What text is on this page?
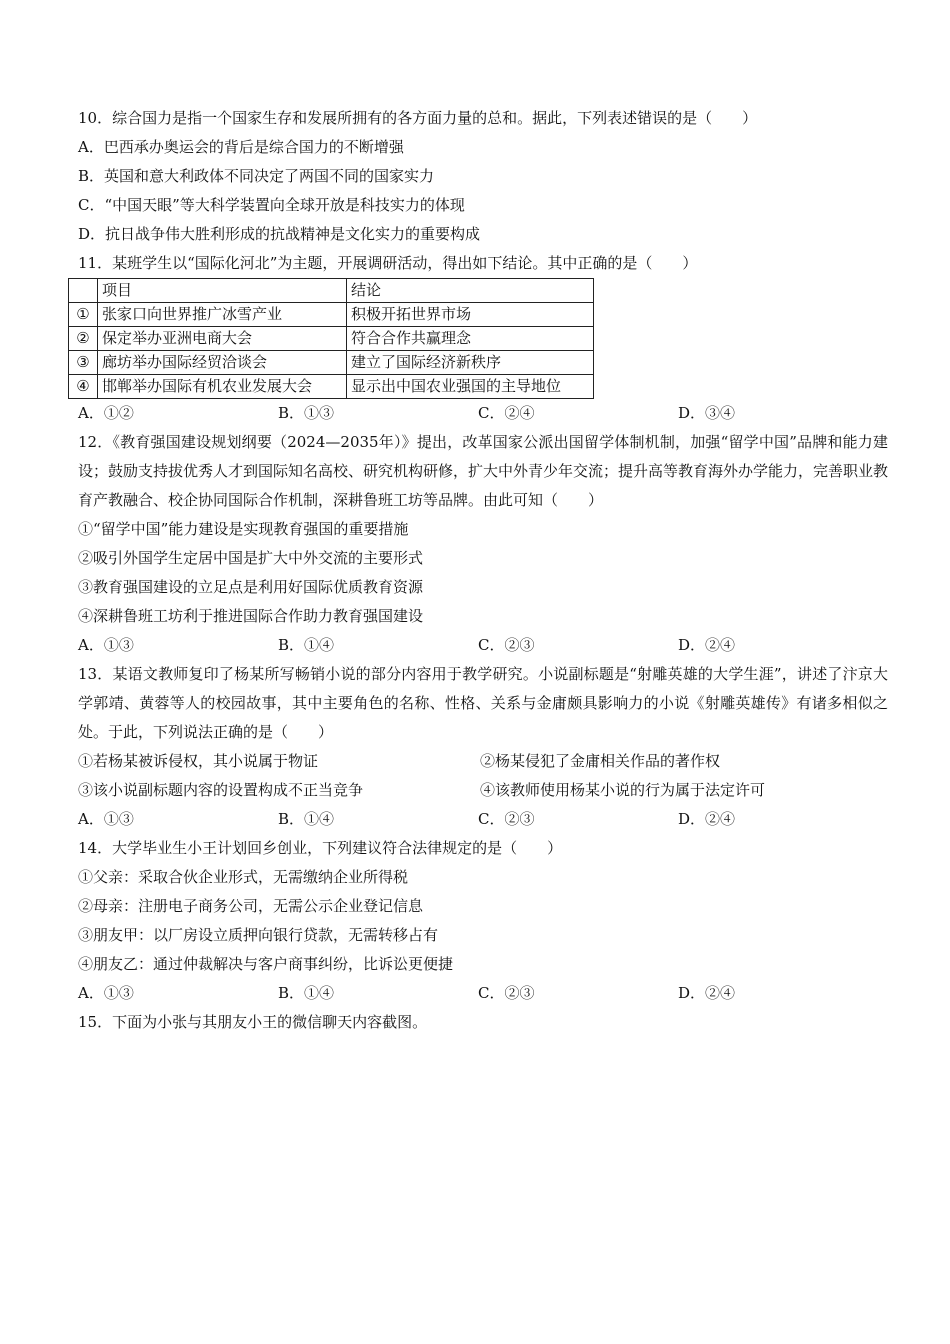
10．综合国力是指一个国家生存和发展所拥有的各方面力量的总和。据此，下列表述错误的是（　　）
A．巴西承办奥运会的背后是综合国力的不断增强
B．英国和意大利政体不同决定了两国不同的国家实力
C．“中国天眼”等大科学装置向全球开放是科技实力的体现
D．抗日战争伟大胜利形成的抗战精神是文化实力的重要构成
11．某班学生以“国际化河北”为主题，开展调研活动，得出如下结论。其中正确的是（　　）
	项目	结论
①	张家口向世界推广冰雪产业	积极开拓世界市场
②	保定举办亚洲电商大会	符合合作共赢理念
③	廊坊举办国际经贸洽谈会	建立了国际经济新秩序
④	邯郸举办国际有机农业发展大会	显示出中国农业强国的主导地位
A．①②	B．①③	C．②④	D．③④
12．《教育强国建设规划纲要（2024—2035年）》提出，改革国家公派出国留学体制机制，加强“留学中国”品牌和能力建设；鼓励支持拔优秀人才到国际知名高校、研究机构研修，扩大中外青少年交流；提升高等教育海外办学能力，完善职业教育产教融合、校企协同国际合作机制，深耕鲁班工坊等品牌。由此可知（　　）
①“留学中国”能力建设是实现教育强国的重要措施
②吸引外国学生定居中国是扩大中外交流的主要形式
③教育强国建设的立足点是利用好国际优质教育资源
④深耕鲁班工坊利于推进国际合作助力教育强国建设
A．①③	B．①④	C．②③	D．②④
13．某语文教师复印了杨某所写畅销小说的部分内容用于教学研究。小说副标题是“射雕英雄的大学生涯”，讲述了汴京大学郭靖、黄蓉等人的校园故事，其中主要角色的名称、性格、关系与金庸颇具影响力的小说《射雕英雄传》有诸多相似之处。于此，下列说法正确的是（　　）
①若杨某被诉侵权，其小说属于物证	②杨某侵犯了金庸相关作品的著作权
③该小说副标题内容的设置构成不正当竞争	④该教师使用杨某小说的行为属于法定许可
A．①③	B．①④	C．②③	D．②④
14．大学毕业生小王计划回乡创业，下列建议符合法律规定的是（　　）
①父亲：采取合伙企业形式，无需缴纳企业所得税
②母亲：注册电子商务公司，无需公示企业登记信息
③朋友甲：以厂房设立质押向银行贷款，无需转移占有
④朋友乙：通过仲裁解决与客户商事纠纷，比诉讼更便捷
A．①③	B．①④	C．②③	D．②④
15．下面为小张与其朋友小王的微信聊天内容截图。
